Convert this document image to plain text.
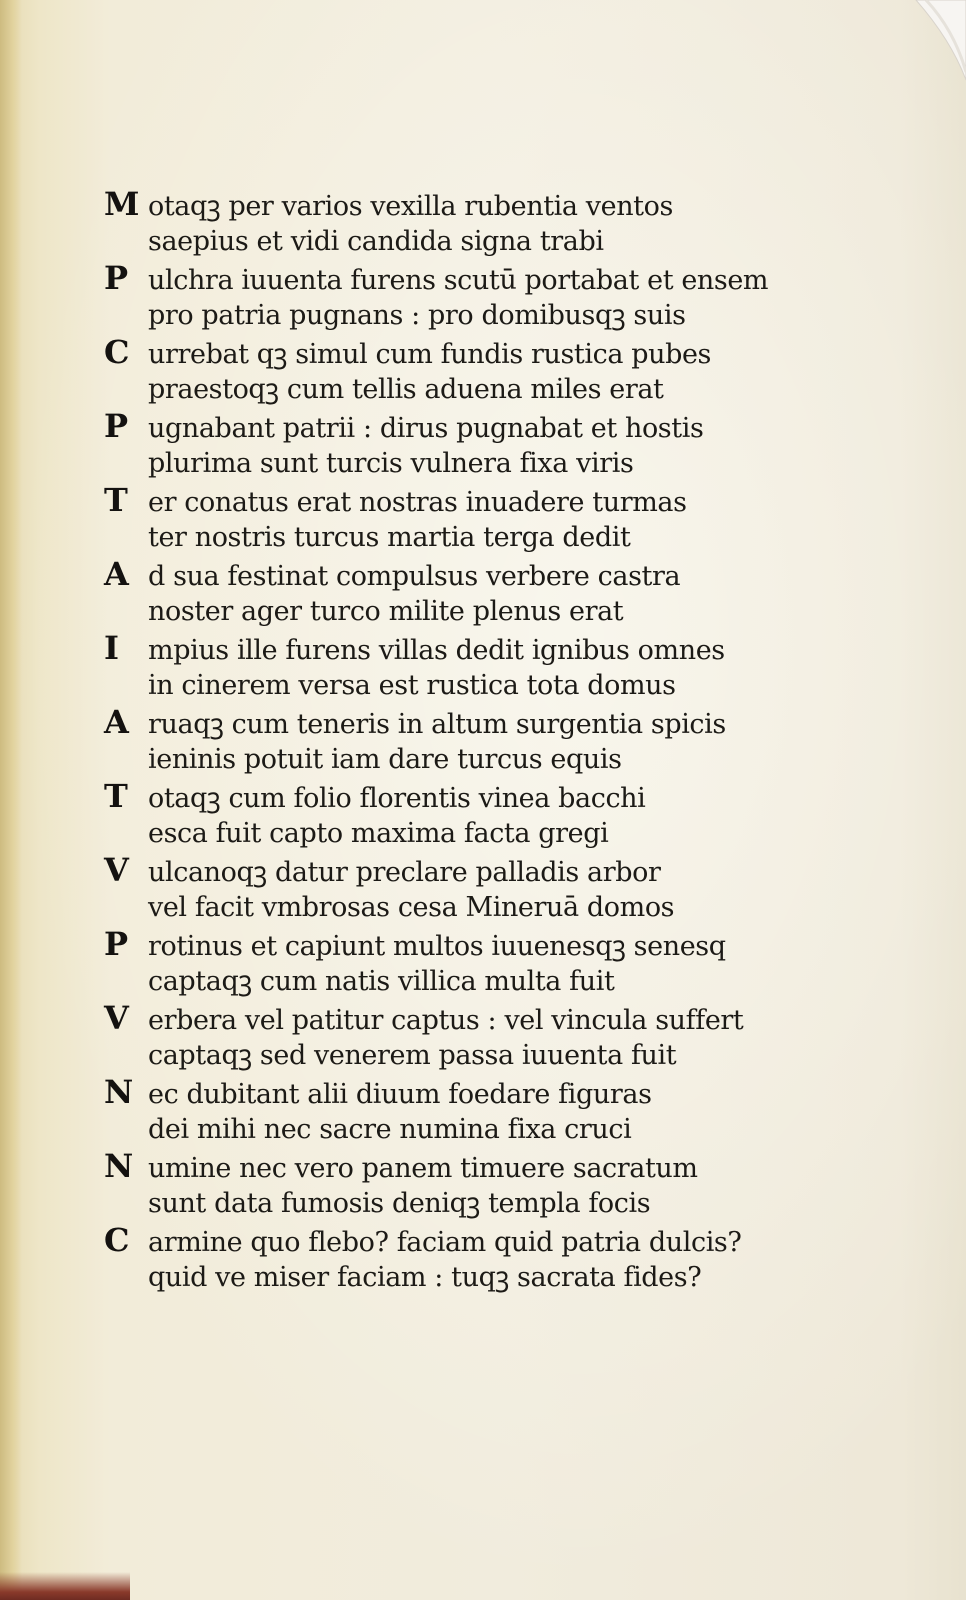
M otaqꝫ per varios vexilla rubentia ventos
saepius et vidi candida signa trabi
P ulchra iuuenta furens scutū portabat et ensem
pro patria pugnans : pro domibusqꝫ suis
C urrebat qꝫ simul cum fundis rustica pubes
praestoqꝫ cum tellis aduena miles erat
P ugnabant patrii : dirus pugnabat et hostis
plurima sunt turcis vulnera fixa viris
T er conatus erat nostras inuadere turmas
ter nostris turcus martia terga dedit
A d sua festinat compulsus verbere castra
noster ager turco milite plenus erat
I mpius ille furens villas dedit ignibus omnes
in cinerem versa est rustica tota domus
A ruaqꝫ cum teneris in altum surgentia spicis
ieninis potuit iam dare turcus equis
T otaqꝫ cum folio florentis vinea bacchi
esca fuit capto maxima facta gregi
V ulcanoqꝫ datur preclare palladis arbor
vel facit vmbrosas cesa Mineruā domos
P rotinus et capiunt multos iuuenesqꝫ senesq
captaqꝫ cum natis villica multa fuit
V erbera vel patitur captus : vel vincula suffert
captaqꝫ sed venerem passa iuuenta fuit
N ec dubitant alii diuum foedare figuras
dei mihi nec sacre numina fixa cruci
N umine nec vero panem timuere sacratum
sunt data fumosis deniqꝫ templa focis
C armine quo flebo? faciam quid patria dulcis?
quid ve miser faciam : tuqꝫ sacrata fides?
